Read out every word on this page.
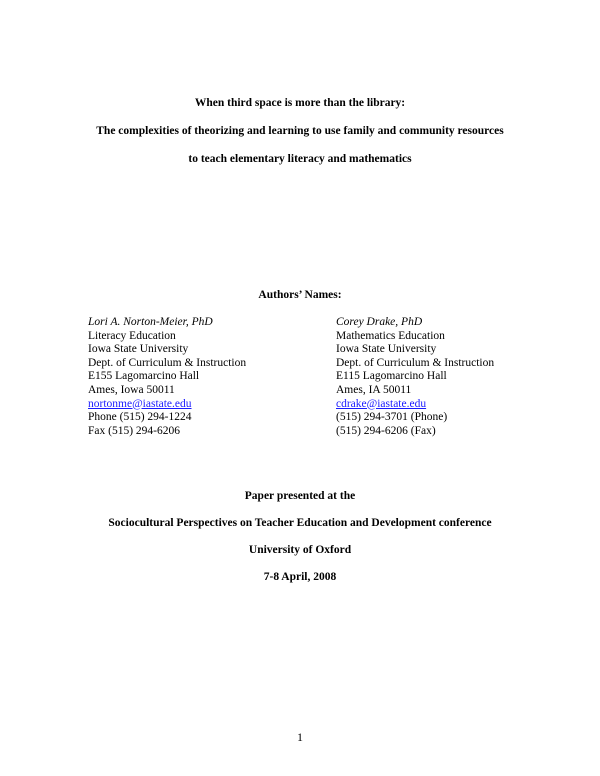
When third space is more than the library:
The complexities of theorizing and learning to use family and community resources
to teach elementary literacy and mathematics
Authors’ Names:
Lori A. Norton-Meier, PhD
Literacy Education
Iowa State University
Dept. of Curriculum & Instruction
E155 Lagomarcino Hall
Ames, Iowa 50011
nortonme@iastate.edu
Phone (515) 294-1224
Fax (515) 294-6206
Corey Drake, PhD
Mathematics Education
Iowa State University
Dept. of Curriculum & Instruction
E115 Lagomarcino Hall
Ames, IA 50011
cdrake@iastate.edu
(515) 294-3701 (Phone)
(515) 294-6206 (Fax)
Paper presented at the
Sociocultural Perspectives on Teacher Education and Development conference
University of Oxford
7-8 April, 2008
1
